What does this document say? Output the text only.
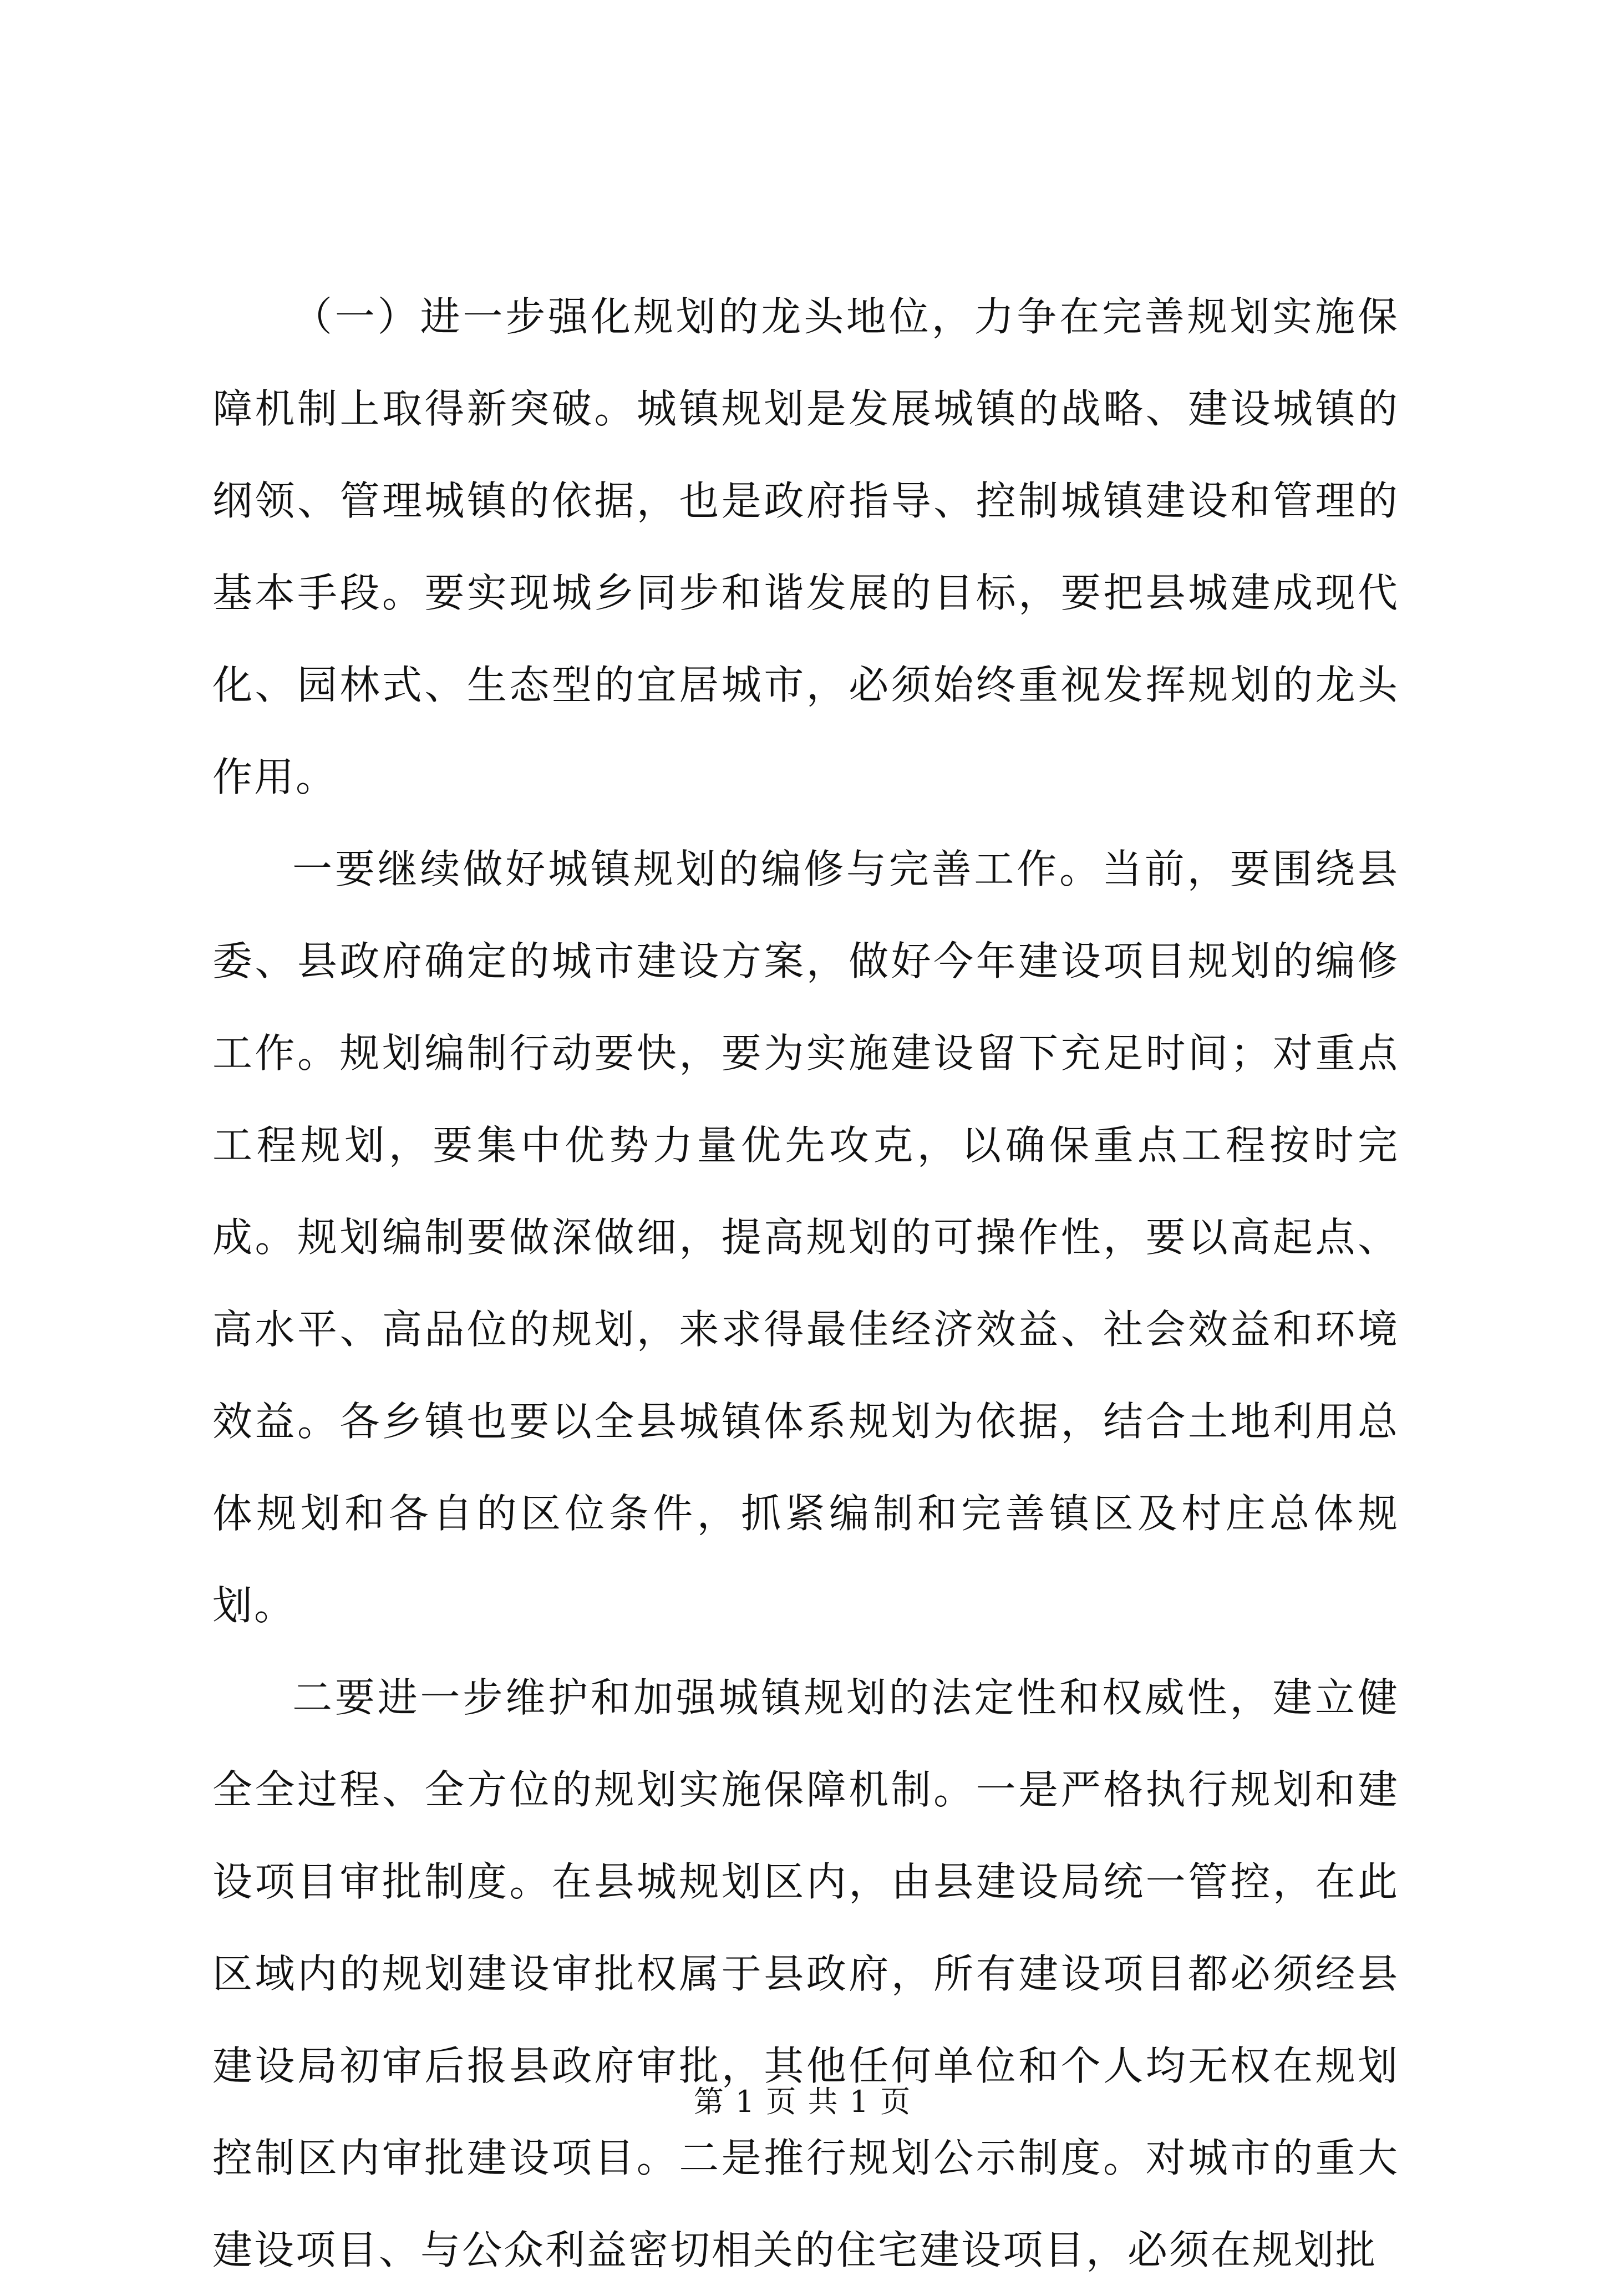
（一）进一步强化规划的龙头地位，力争在完善规划实施保障机制上取得新突破。城镇规划是发展城镇的战略、建设城镇的纲领、管理城镇的依据，也是政府指导、控制城镇建设和管理的基本手段。要实现城乡同步和谐发展的目标，要把县城建成现代化、园林式、生态型的宜居城市，必须始终重视发挥规划的龙头作用。

一要继续做好城镇规划的编修与完善工作。当前，要围绕县委、县政府确定的城市建设方案，做好今年建设项目规划的编修工作。规划编制行动要快，要为实施建设留下充足时间；对重点工程规划，要集中优势力量优先攻克，以确保重点工程按时完成。规划编制要做深做细，提高规划的可操作性，要以高起点、高水平、高品位的规划，来求得最佳经济效益、社会效益和环境效益。各乡镇也要以全县城镇体系规划为依据，结合土地利用总体规划和各自的区位条件，抓紧编制和完善镇区及村庄总体规划。

二要进一步维护和加强城镇规划的法定性和权威性，建立健全全过程、全方位的规划实施保障机制。一是严格执行规划和建设项目审批制度。在县城规划区内，由县建设局统一管控，在此区域内的规划建设审批权属于县政府，所有建设项目都必须经县建设局初审后报县政府审批，其他任何单位和个人均无权在规划控制区内审批建设项目。二是推行规划公示制度。对城市的重大建设项目、与公众利益密切相关的住宅建设项目，必须在规划批

第 1 页 共 1 页
